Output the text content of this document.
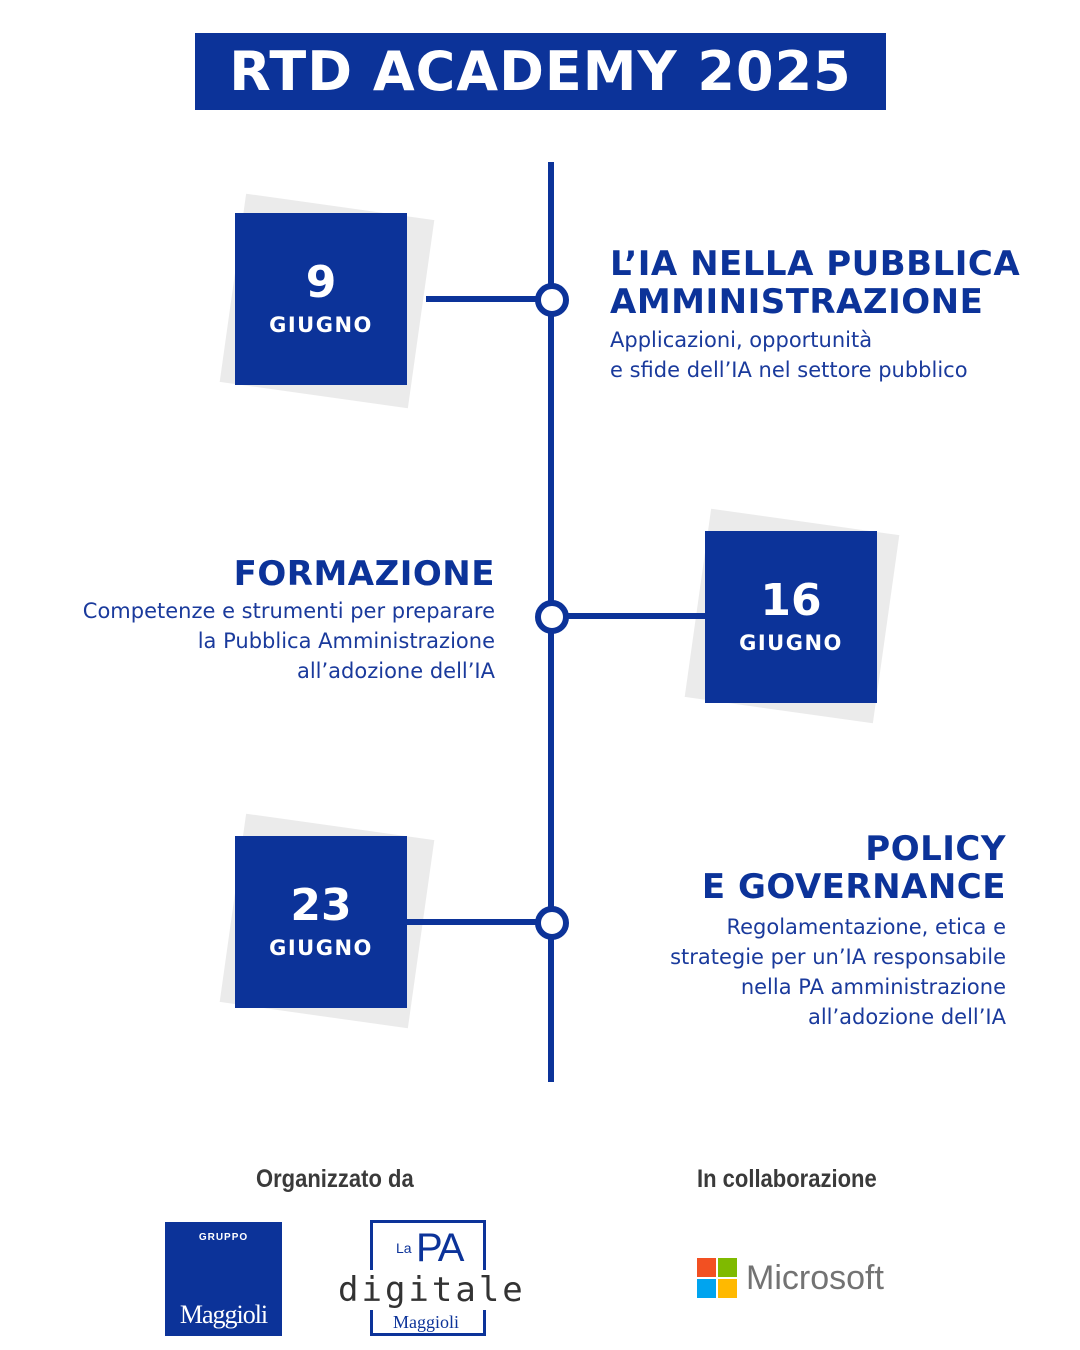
RTD ACADEMY 2025
9
GIUGNO
L’IA NELLA PUBBLICA
AMMINISTRAZIONE
Applicazioni, opportunità
e sfide dell’IA nel settore pubblico
16
GIUGNO
FORMAZIONE
Competenze e strumenti per preparare
la Pubblica Amministrazione
all’adozione dell’IA
23
GIUGNO
POLICY
E GOVERNANCE
Regolamentazione, etica e
strategie per un’IA responsabile
nella PA amministrazione
all’adozione dell’IA
Organizzato da	In collaborazione
GRUPPO
Maggioli
La PA
digitale
Maggioli
Microsoft
